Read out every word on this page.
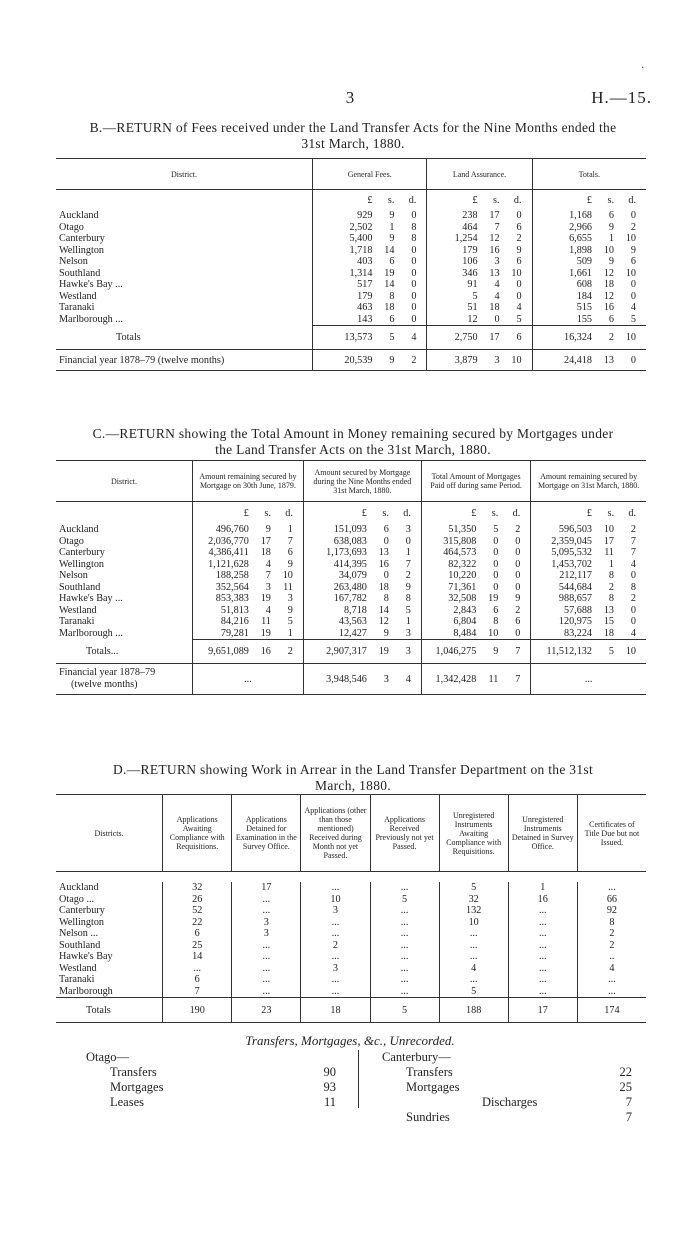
.
3	H.—15.
B.—RETURN of Fees received under the Land Transfer Acts for the Nine Months ended the
31st March, 1880.
District.	General Fees.			Land Assurance.			Totals.		
	£	s.	d.	£	s.	d.	£	s.	d.
Auckland	929	9	0	238	17	0	1,168	6	0
Otago	2,502	1	8	464	7	6	2,966	9	2
Canterbury	5,400	9	8	1,254	12	2	6,655	1	10
Wellington	1,718	14	0	179	16	9	1,898	10	9
Nelson	403	6	0	106	3	6	509	9	6
Southland	1,314	19	0	346	13	10	1,661	12	10
Hawke's Bay ...	517	14	0	91	4	0	608	18	0
Westland	179	8	0	5	4	0	184	12	0
Taranaki	463	18	0	51	18	4	515	16	4
Marlborough ...	143	6	0	12	0	5	155	6	5
Totals	13,573	5	4	2,750	17	6	16,324	2	10
Financial year 1878–79 (twelve months)	20,539	9	2	3,879	3	10	24,418	13	0
C.—RETURN showing the Total Amount in Money remaining secured by Mortgages under
the Land Transfer Acts on the 31st March, 1880.
District.	Amount remaining secured by Mortgage on 30th June, 1879.			Amount secured by Mortgage during the Nine Months ended 31st March, 1880.			Total Amount of Mortgages Paid off during same Period.			Amount remaining secured by Mortgage on 31st March, 1880.		
	£	s.	d.	£	s.	d.	£	s.	d.	£	s.	d.
Auckland	496,760	9	1	151,093	6	3	51,350	5	2	596,503	10	2
Otago	2,036,770	17	7	638,083	0	0	315,808	0	0	2,359,045	17	7
Canterbury	4,386,411	18	6	1,173,693	13	1	464,573	0	0	5,095,532	11	7
Wellington	1,121,628	4	9	414,395	16	7	82,322	0	0	1,453,702	1	4
Nelson	188,258	7	10	34,079	0	2	10,220	0	0	212,117	8	0
Southland	352,564	3	11	263,480	18	9	71,361	0	0	544,684	2	8
Hawke's Bay ...	853,383	19	3	167,782	8	8	32,508	19	9	988,657	8	2
Westland	51,813	4	9	8,718	14	5	2,843	6	2	57,688	13	0
Taranaki	84,216	11	5	43,563	12	1	6,804	8	6	120,975	15	0
Marlborough ...	79,281	19	1	12,427	9	3	8,484	10	0	83,224	18	4
Totals...	9,651,089	16	2	2,907,317	19	3	1,046,275	9	7	11,512,132	5	10

Financial year 1878–79
(twelve months)	...			3,948,546	3	4	1,342,428	11	7	...		
D.—RETURN showing Work in Arrear in the Land Transfer Department on the 31st
March, 1880.
Districts.	Applications Awaiting Compliance with Requisitions.	Applications Detained for Examination in the Survey Office.	Applications (other than those mentioned) Received during Month not yet Passed.	Applications Received Previously not yet Passed.	Unregistered Instruments Awaiting Compliance with Requisitions.	Unregistered Instruments Detained in Survey Office.	Certificates of Title Due but not Issued.

Auckland	32	17	...	...	5	1	...
Otago ...	26	...	10	5	32	16	66
Canterbury	52	...	3	...	132	...	92
Wellington	22	3	...	...	10	...	8
Nelson ...	6	3	...	...	...	...	2
Southland	25	...	2	...	...	...	2
Hawke's Bay	14	...	...	...	...	...	..
Westland	...	...	3	...	4	...	4
Taranaki	6	...	...	...	...	...	...
Marlborough	7	...	...	...	5	...	...
Totals	190	23	18	5	188	17	174
Transfers, Mortgages, &c., Unrecorded.
Otago—
Transfers	90
Mortgages	93
Leases	11
Canterbury—
Transfers	22
Mortgages	25
Discharges	7
Sundries	7
